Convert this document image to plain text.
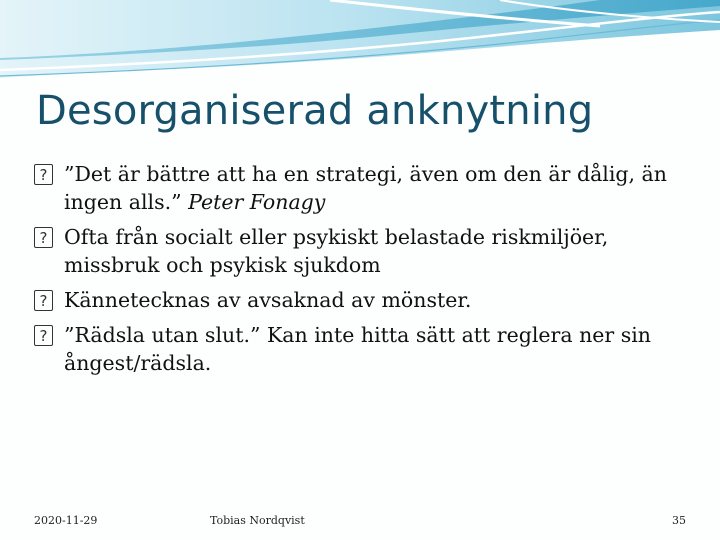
Desorganiserad anknytning
? ”Det är bättre att ha en strategi, även om den är dålig, än ingen alls.” Peter Fonagy
? Ofta från socialt eller psykiskt belastade riskmiljöer, missbruk och psykisk sjukdom
? Kännetecknas av avsaknad av mönster.
? ”Rädsla utan slut.” Kan inte hitta sätt att reglera ner sin ångest/rädsla.
2020-11-29	Tobias Nordqvist	35
